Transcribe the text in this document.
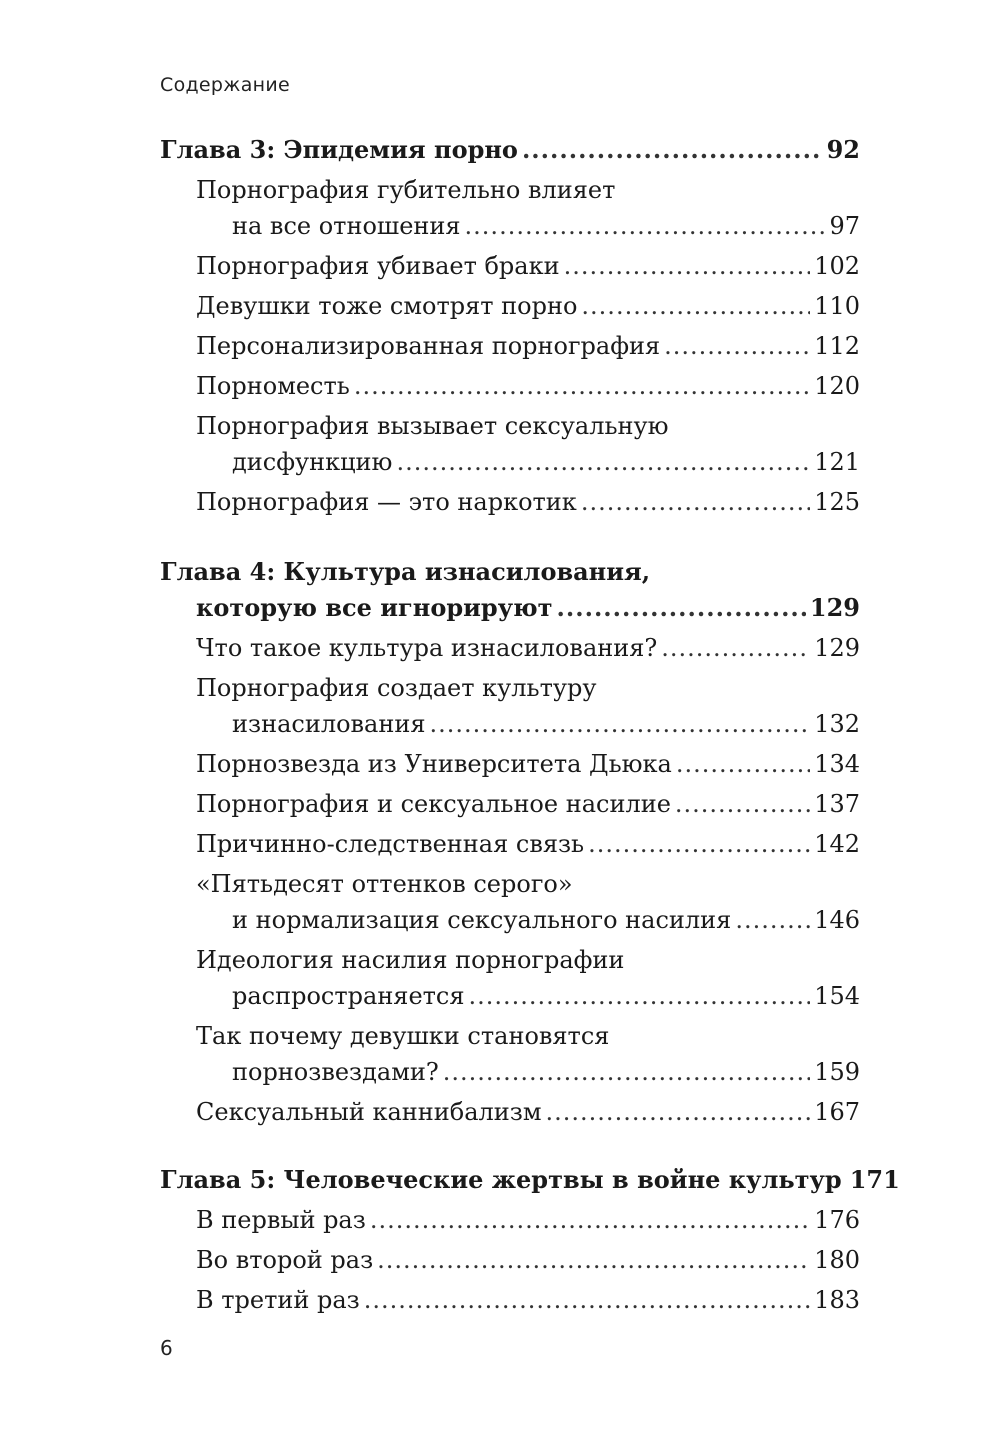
Содержание
Глава 3: Эпидемия порно .....	92
Порнография губительно влияет
на все отношения .....	97
Порнография убивает браки .....	102
Девушки тоже смотрят порно .....	110
Персонализированная порнография .....	112
Порноместь .....	120
Порнография вызывает сексуальную
дисфункцию .....	121
Порнография — это наркотик .....	125
Глава 4: Культура изнасилования,
которую все игнорируют .....	129
Что такое культура изнасилования? .....	129
Порнография создает культуру
изнасилования .....	132
Порнозвезда из Университета Дьюка .....	134
Порнография и сексуальное насилие .....	137
Причинно-следственная связь .....	142
«Пятьдесят оттенков серого»
и нормализация сексуального насилия .....	146
Идеология насилия порнографии
распространяется .....	154
Так почему девушки становятся
порнозвездами? .....	159
Сексуальный каннибализм .....	167
Глава 5: Человеческие жертвы в войне культур 171
В первый раз .....	176
Во второй раз .....	180
В третий раз .....	183
6
